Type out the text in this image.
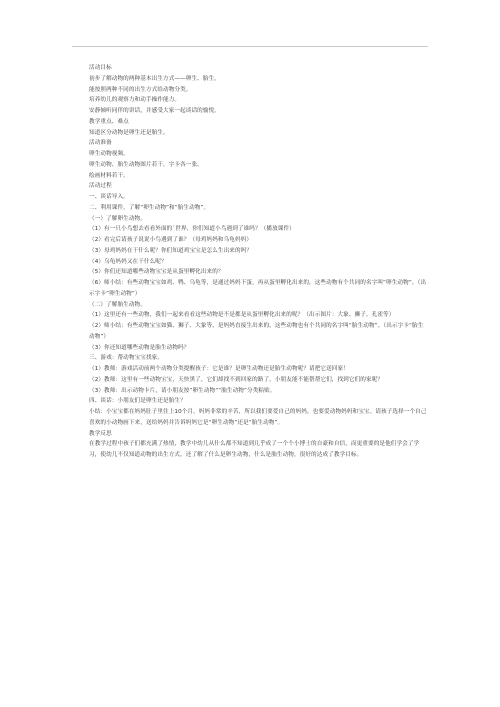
活动目标
初步了解动物的两种基本出生方式——卵生、胎生。
能按照两种不同的出生方式给动物分类。
培养幼儿的观察力和动手操作能力。
安静倾听同伴的讲话，并感受大家一起谈话的愉悦。
教学重点、难点
知道区分动物是卵生还是胎生。
活动准备
卵生动物视频。
卵生动物、胎生动物图片若干，字卡各一张。
绘画材料若干。
活动过程
一、谈话导入。
二、利用课件，了解“卵生动物”和“胎生动物”。
（一）了解卵生动物。
（1）有一只小鸟想去看看外面的`世界，你们知道小鸟遇到了谁吗？（播放课件）
（2）看完后请孩子说说小鸟遇到了谁？（母鸡妈妈和乌龟妈妈）
（3）母鸡妈妈在干什么呢？你们知道鸡宝宝是怎么生出来的吗？
（4）乌龟妈妈又在干什么呢？
（5）你们还知道哪些动物宝宝是从蛋里孵化出来的？
（6）师小结：有些动物宝宝如鸡、鸭、乌龟等，是通过妈妈下蛋，再从蛋里孵化出来的，这些动物有个共同的名字叫“卵生动物”。（出示字卡“卵生动物”）
（二）了解胎生动物。
（1）这里还有一些动物，我们一起来看看这些动物是不是都是从蛋里孵化出来的呢？（出示图片：大象、狮子、孔雀等）
（2）师小结：有些动物宝宝如猫、狮子、大象等，是妈妈直接生出来的，这些动物也有个共同的名字叫“胎生动物”。（出示字卡“胎生动物”）
（3）你还知道哪些动物是胎生动物吗？
三、游戏：帮动物宝宝找家。
（1）教师：游戏活动前两个动物分类提醒孩子：它是谁？是卵生动物还是胎生动物呢？请把它送回家！
（2）教师：这里有一些动物宝宝，天快黑了，它们却找不到回家的路了，小朋友能不能帮帮它们，找到它们的家呢？
（3）教师：出示动物卡片，请小朋友按“卵生动物”“胎生动物”分类粘贴。
四、谈话：小朋友们是卵生还是胎生？
小结：小宝宝都在妈妈肚子里住上10个月，妈妈非常的辛苦，所以我们要爱自己的妈妈，也要爱动物妈妈和宝宝。请孩子选择一个自己喜欢的小动物画下来，送给妈妈并告诉妈妈它是“卵生动物”还是“胎生动物”。
教学反思
在教学过程中孩子们都充满了热情，教学中幼儿从什么都不知道到几乎成了一个个小博士的自豪和自信，而更重要的是他们学会了学习，使幼儿不仅知道动物的出生方式，还了解了什么是卵生动物，什么是胎生动物，很好的达成了教学目标。
